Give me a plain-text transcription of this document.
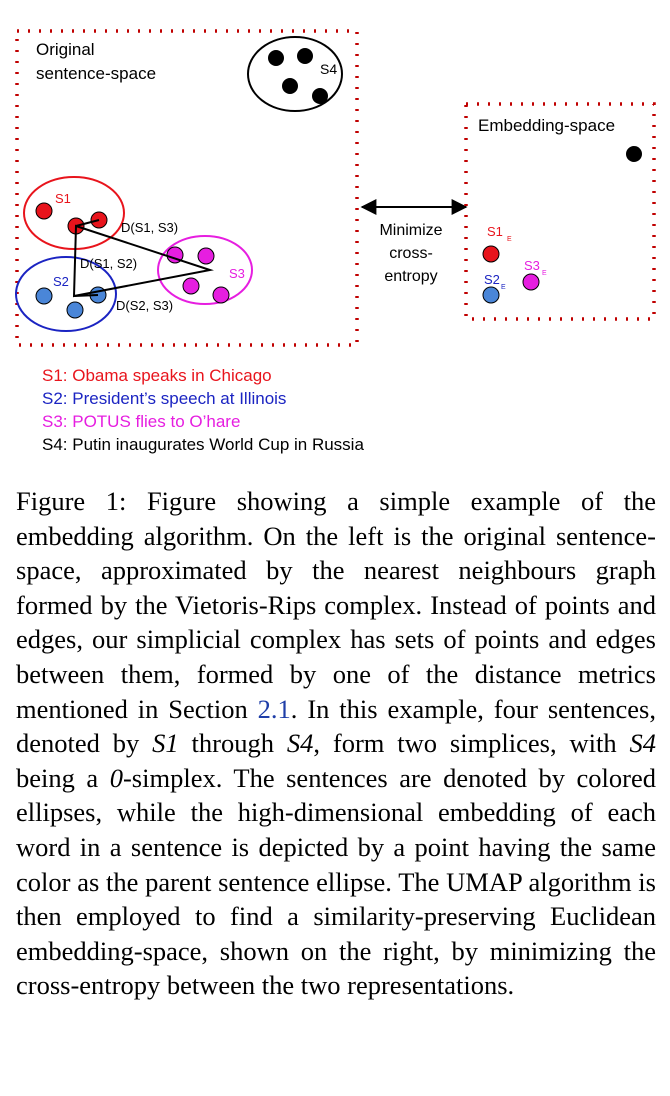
Original
sentence-space	S4
S1
S2
S3
D(S1, S3)
D(S1, S2)
D(S2, S3)
Minimize
cross-
entropy
Embedding-space
S1
E
S2
E
S3
E
S1: Obama speaks in Chicago
S2: President’s speech at Illinois
S3: POTUS flies to O’hare
S4: Putin inaugurates World Cup in Russia
Figure 1: Figure showing a simple example of the embedding algorithm. On the left is the original sentence-space, approximated by the nearest neighbours graph formed by the Vietoris-Rips complex. Instead of points and edges, our simplicial complex has sets of points and edges between them, formed by one of the distance metrics mentioned in Section 2.1. In this example, four sentences, denoted by S1 through S4, form two simplices, with S4 being a 0-simplex. The sentences are denoted by colored ellipses, while the high-dimensional embedding of each word in a sentence is depicted by a point having the same color as the parent sentence ellipse. The UMAP algorithm is then employed to find a similarity-preserving Euclidean embedding-space, shown on the right, by minimizing the cross-entropy between the two representations.
